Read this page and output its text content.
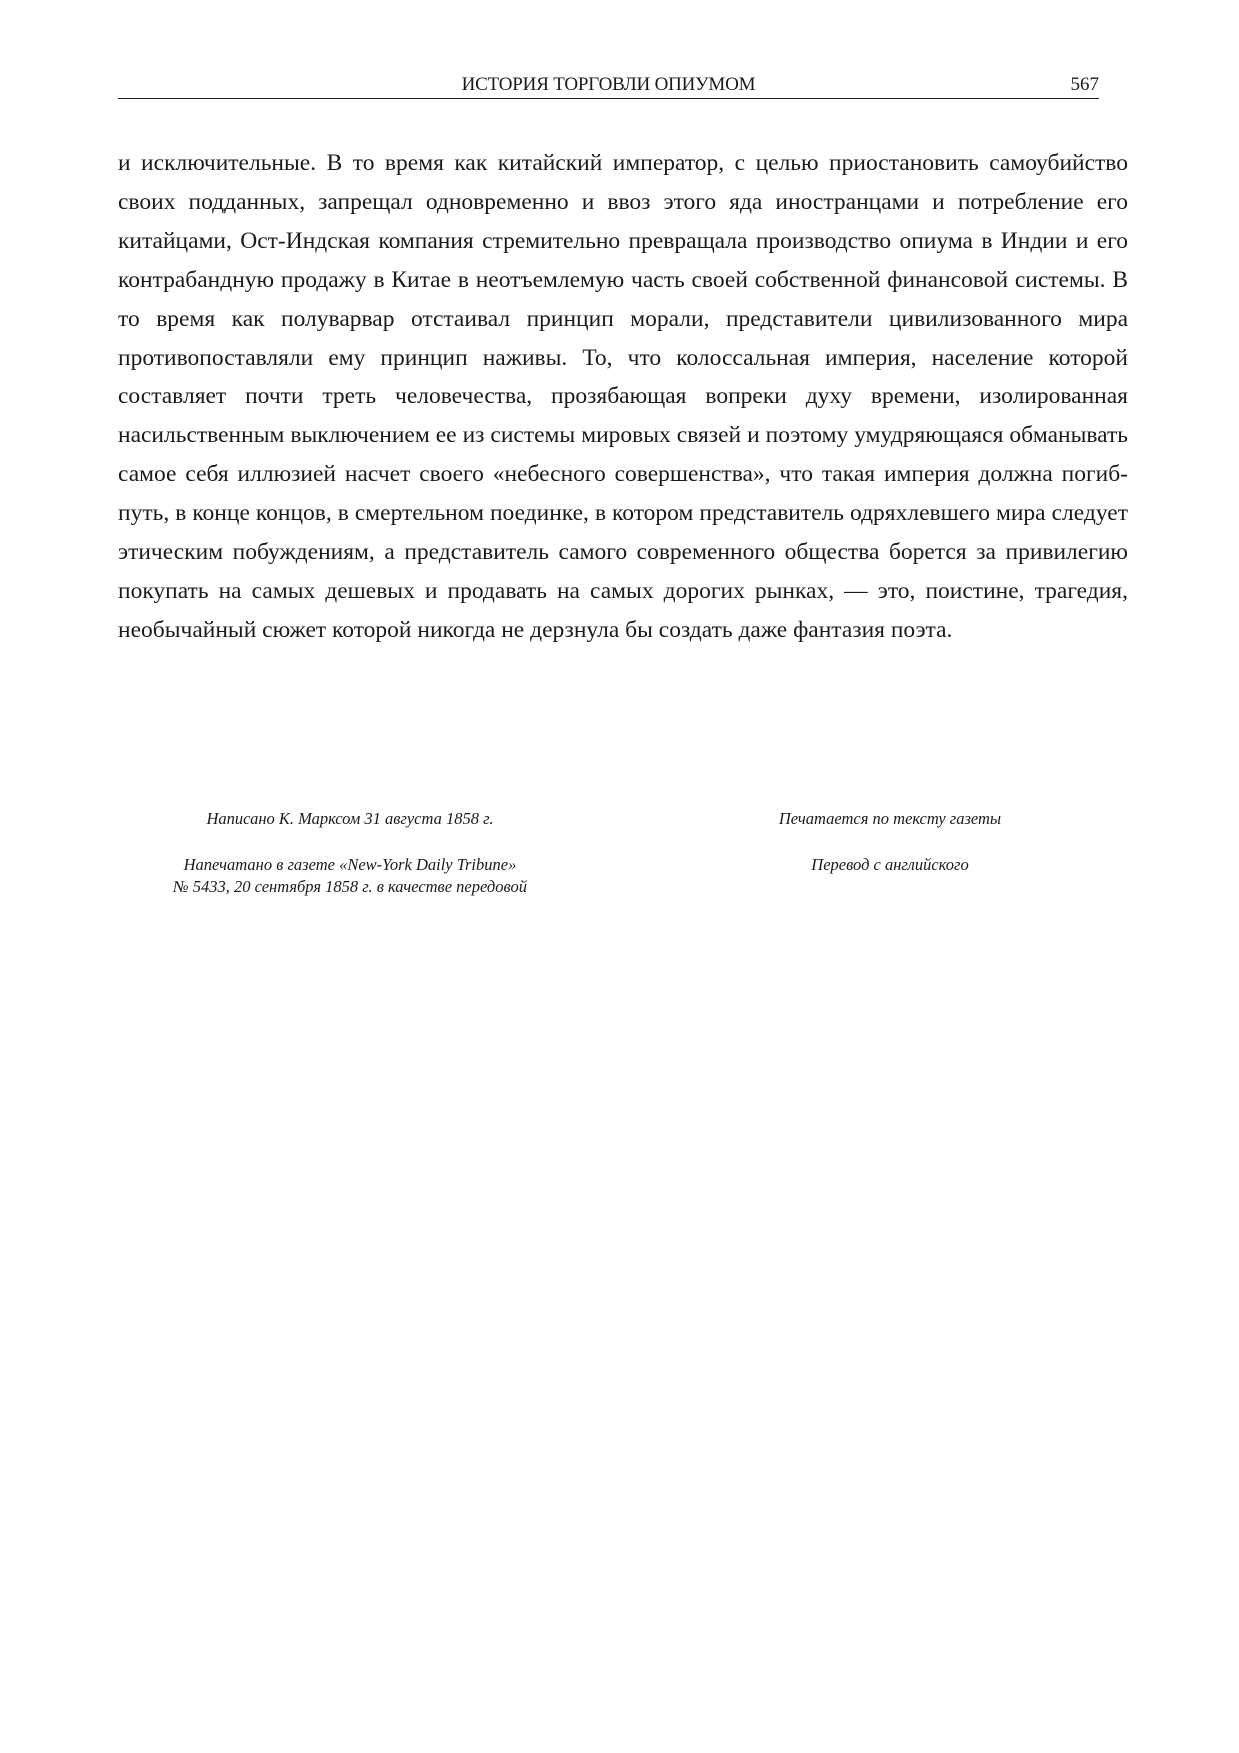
ИСТОРИЯ ТОРГОВЛИ ОПИУМОМ	567

и исключительные. В то время как китайский император, с целью приостановить самоубийство своих подданных, запрещал одновременно и ввоз этого яда иностранцами и потребление его китайцами, Ост-Индская компания стремительно превращала производство опиума в Индии и его контрабандную продажу в Китае в неотъемлемую часть своей собственной финансовой системы. В то время как полуварвар отстаивал принцип морали, представители цивилизованного мира противопоставляли ему принцип наживы. То, что колоссальная империя, население которой составляет почти треть человечества, прозябающая вопреки духу времени, изолированная насильственным выключением ее из системы мировых связей и поэтому умудряющаяся обманывать самое себя иллюзией насчет своего «небесного совершенства», что такая империя должна погиб-путь, в конце концов, в смертельном поединке, в котором представитель одряхлевшего мира следует этическим побуждениям, а представитель самого современного общества борется за привилегию покупать на самых дешевых и продавать на самых дорогих рынках, — это, поистине, трагедия, необычайный сюжет которой никогда не дерзнула бы создать даже фантазия поэта.

Написано К. Марксом 31 августа 1858 г.
Напечатано в газете «New-York Daily Tribune»
№ 5433, 20 сентября 1858 г. в качестве передовой
Печатается по тексту газеты
Перевод с английского
